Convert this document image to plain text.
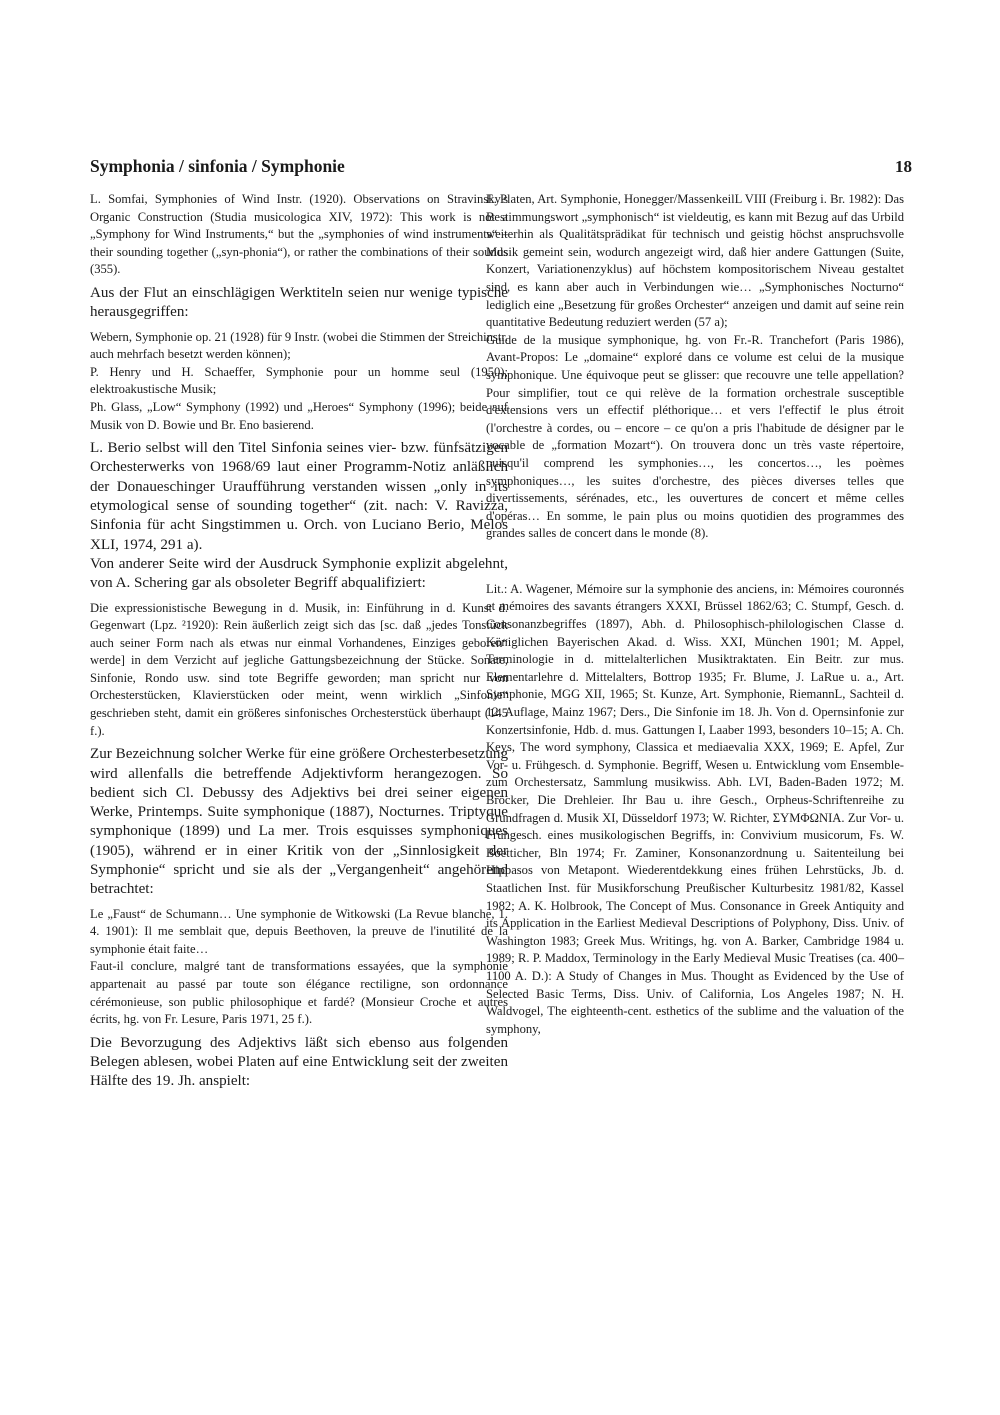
Symphonia / sinfonia / Symphonie	18

L. Somfai, Symphonies of Wind Instr. (1920). Observations on Stravinsky's Organic Construction (Studia musicologica XIV, 1972): This work is not a „Symphony for Wind Instruments,“ but the „symphonies of wind instruments“ – their sounding together („syn-phonia“), or rather the combinations of their sounds (355).

Aus der Flut an einschlägigen Werktiteln seien nur wenige typische herausgegriffen:

Webern, Symphonie op. 21 (1928) für 9 Instr. (wobei die Stimmen der Streichinstr. auch mehrfach besetzt werden können);

P. Henry und H. Schaeffer, Symphonie pour un homme seul (1950); elektroakustische Musik;

Ph. Glass, „Low“ Symphony (1992) und „Heroes“ Symphony (1996); beide auf Musik von D. Bowie und Br. Eno basierend.

L. Berio selbst will den Titel Sinfonia seines vier- bzw. fünfsätzigen Orchesterwerks von 1968/69 laut einer Programm-Notiz anläßlich der Donaueschinger Uraufführung verstanden wissen „only in its etymological sense of sounding together“ (zit. nach: V. Ravizza, Sinfonia für acht Singstimmen u. Orch. von Luciano Berio, Melos XLI, 1974, 291 a).

Von anderer Seite wird der Ausdruck Symphonie explizit abgelehnt, von A. Schering gar als obsoleter Begriff abqualifiziert:

Die expressionistische Bewegung in d. Musik, in: Einführung in d. Kunst d. Gegenwart (Lpz. ²1920): Rein äußerlich zeigt sich das [sc. daß „jedes Tonstück auch seiner Form nach als etwas nur einmal Vorhandenes, Einziges geboren“ werde] in dem Verzicht auf jegliche Gattungsbezeichnung der Stücke. Sonate, Sinfonie, Rondo usw. sind tote Begriffe geworden; man spricht nur von Orchesterstücken, Klavierstücken oder meint, wenn wirklich „Sinfonie“ geschrieben steht, damit ein größeres sinfonisches Orchesterstück überhaupt (145 f.).

Zur Bezeichnung solcher Werke für eine größere Orchesterbesetzung wird allenfalls die betreffende Adjektivform herangezogen. So bedient sich Cl. Debussy des Adjektivs bei drei seiner eigenen Werke, Printemps. Suite symphonique (1887), Nocturnes. Triptyque symphonique (1899) und La mer. Trois esquisses symphoniques (1905), während er in einer Kritik von der „Sinnlosigkeit der Symphonie“ spricht und sie als der „Vergangenheit“ angehörend betrachtet:

Le „Faust“ de Schumann… Une symphonie de Witkowski (La Revue blanche, 1. 4. 1901): Il me semblait que, depuis Beethoven, la preuve de l'inutilité de la symphonie était faite…

Faut-il conclure, malgré tant de transformations essayées, que la symphonie appartenait au passé par toute son élégance rectiligne, son ordonnance cérémonieuse, son public philosophique et fardé? (Monsieur Croche et autres écrits, hg. von Fr. Lesure, Paris 1971, 25 f.).

Die Bevorzugung des Adjektivs läßt sich ebenso aus folgenden Belegen ablesen, wobei Platen auf eine Entwicklung seit der zweiten Hälfte des 19. Jh. anspielt:

E. Platen, Art. Symphonie, Honegger/MassenkeilL VIII (Freiburg i. Br. 1982): Das Bestimmungswort „symphonisch“ ist vieldeutig, es kann mit Bezug auf das Urbild weiterhin als Qualitätsprädikat für technisch und geistig höchst anspruchsvolle Musik gemeint sein, wodurch angezeigt wird, daß hier andere Gattungen (Suite, Konzert, Variationenzyklus) auf höchstem kompositorischem Niveau gestaltet sind, es kann aber auch in Verbindungen wie… „Symphonisches Nocturno“ lediglich eine „Besetzung für großes Orchester“ anzeigen und damit auf seine rein quantitative Bedeutung reduziert werden (57 a);

Guide de la musique symphonique, hg. von Fr.-R. Tranchefort (Paris 1986), Avant-Propos: Le „domaine“ exploré dans ce volume est celui de la musique symphonique. Une équivoque peut se glisser: que recouvre une telle appellation? Pour simplifier, tout ce qui relève de la formation orchestrale susceptible d'extensions vers un effectif pléthorique… et vers l'effectif le plus étroit (l'orchestre à cordes, ou – encore – ce qu'on a pris l'habitude de désigner par le vocable de „formation Mozart“). On trouvera donc un très vaste répertoire, puisqu'il comprend les symphonies…, les concertos…, les poèmes symphoniques…, les suites d'orchestre, des pièces diverses telles que divertissements, sérénades, etc., les ouvertures de concert et même celles d'opéras… En somme, le pain plus ou moins quotidien des programmes des grandes salles de concert dans le monde (8).

Lit.: A. Wagener, Mémoire sur la symphonie des anciens, in: Mémoires couronnés et mémoires des savants étrangers XXXI, Brüssel 1862/63; C. Stumpf, Gesch. d. Consonanzbegriffes (1897), Abh. d. Philosophisch-philologischen Classe d. Königlichen Bayerischen Akad. d. Wiss. XXI, München 1901; M. Appel, Terminologie in d. mittelalterlichen Musiktraktaten. Ein Beitr. zur mus. Elementarlehre d. Mittelalters, Bottrop 1935; Fr. Blume, J. LaRue u. a., Art. Symphonie, MGG XII, 1965; St. Kunze, Art. Symphonie, RiemannL, Sachteil d. 12. Auflage, Mainz 1967; Ders., Die Sinfonie im 18. Jh. Von d. Opernsinfonie zur Konzertsinfonie, Hdb. d. mus. Gattungen I, Laaber 1993, besonders 10–15; A. Ch. Keys, The word symphony, Classica et mediaevalia XXX, 1969; E. Apfel, Zur Vor- u. Frühgesch. d. Symphonie. Begriff, Wesen u. Entwicklung vom Ensemble- zum Orchestersatz, Sammlung musikwiss. Abh. LVI, Baden-Baden 1972; M. Bröcker, Die Drehleier. Ihr Bau u. ihre Gesch., Orpheus-Schriftenreihe zu Grundfragen d. Musik XI, Düsseldorf 1973; W. Richter, ΣΥΜΦΩΝΙΑ. Zur Vor- u. Frühgesch. eines musikologischen Begriffs, in: Convivium musicorum, Fs. W. Boetticher, Bln 1974; Fr. Zaminer, Konsonanzordnung u. Saitenteilung bei Hippasos von Metapont. Wiederentdekkung eines frühen Lehrstücks, Jb. d. Staatlichen Inst. für Musikforschung Preußischer Kulturbesitz 1981/82, Kassel 1982; A. K. Holbrook, The Concept of Mus. Consonance in Greek Antiquity and its Application in the Earliest Medieval Descriptions of Polyphony, Diss. Univ. of Washington 1983; Greek Mus. Writings, hg. von A. Barker, Cambridge 1984 u. 1989; R. P. Maddox, Terminology in the Early Medieval Music Treatises (ca. 400–1100 A. D.): A Study of Changes in Mus. Thought as Evidenced by the Use of Selected Basic Terms, Diss. Univ. of California, Los Angeles 1987; N. H. Waldvogel, The eighteenth-cent. esthetics of the sublime and the valuation of the symphony,
